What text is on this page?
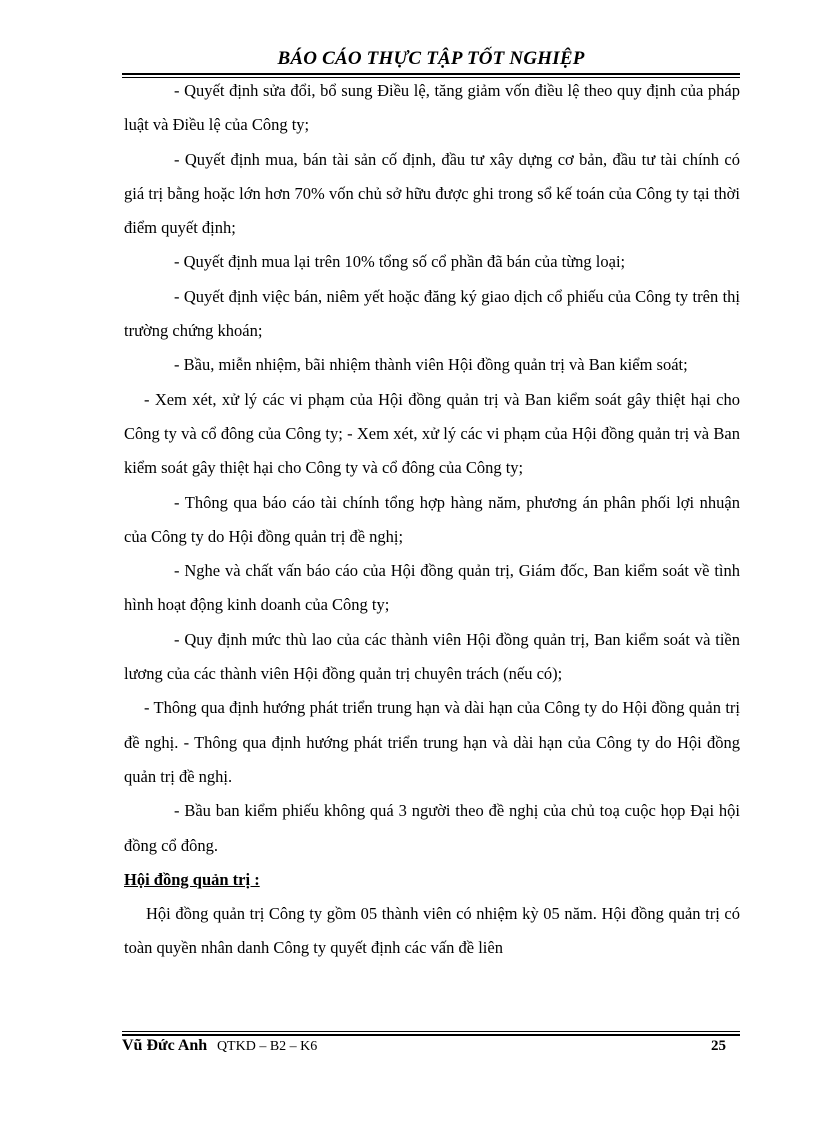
BÁO CÁO THỰC TẬP TỐT NGHIỆP

- Quyết định sửa đổi, bổ sung Điều lệ, tăng giảm vốn điều lệ theo quy định của pháp luật và Điều lệ của Công ty;

- Quyết định mua, bán tài sản cố định, đầu tư xây dựng cơ bản, đầu tư tài chính có giá trị bằng hoặc lớn hơn 70% vốn chủ sở hữu được ghi trong sổ kế toán của Công ty tại thời điểm quyết định;

- Quyết định mua lại trên 10% tổng số cổ phần đã bán của từng loại;

- Quyết định việc bán, niêm yết hoặc đăng ký giao dịch cổ phiếu của Công ty trên thị trường chứng khoán;

- Bầu, miễn nhiệm, bãi nhiệm thành viên Hội đồng quản trị và Ban kiểm soát;

- Xem xét, xử lý các vi phạm của Hội đồng quản trị và Ban kiểm soát gây thiệt hại cho Công ty và cổ đông của Công ty; - Xem xét, xử lý các vi phạm của Hội đồng quản trị và Ban kiểm soát gây thiệt hại cho Công ty và cổ đông của Công ty;

- Thông qua báo cáo tài chính tổng hợp hàng năm, phương án phân phối lợi nhuận của Công ty do Hội đồng quản trị đề nghị;

- Nghe và chất vấn báo cáo của Hội đồng quản trị, Giám đốc, Ban kiểm soát về tình hình hoạt động kinh doanh của Công ty;

- Quy định mức thù lao của các thành viên Hội đồng quản trị, Ban kiểm soát và tiền lương của các thành viên Hội đồng quản trị chuyên trách (nếu có);

- Thông qua định hướng phát triển trung hạn và dài hạn của Công ty do Hội đồng quản trị đề nghị. - Thông qua định hướng phát triển trung hạn và dài hạn của Công ty do Hội đồng quản trị đề nghị.

- Bầu ban kiểm phiếu không quá 3 người theo đề nghị của chủ toạ cuộc họp Đại hội đồng cổ đông.

Hội đồng quản trị :

Hội đồng quản trị Công ty gồm 05 thành viên có nhiệm kỳ 05 năm. Hội đồng quản trị có toàn quyền nhân danh Công ty quyết định các vấn đề liên

Vũ Đức Anh QTKD – B2 – K6	25
